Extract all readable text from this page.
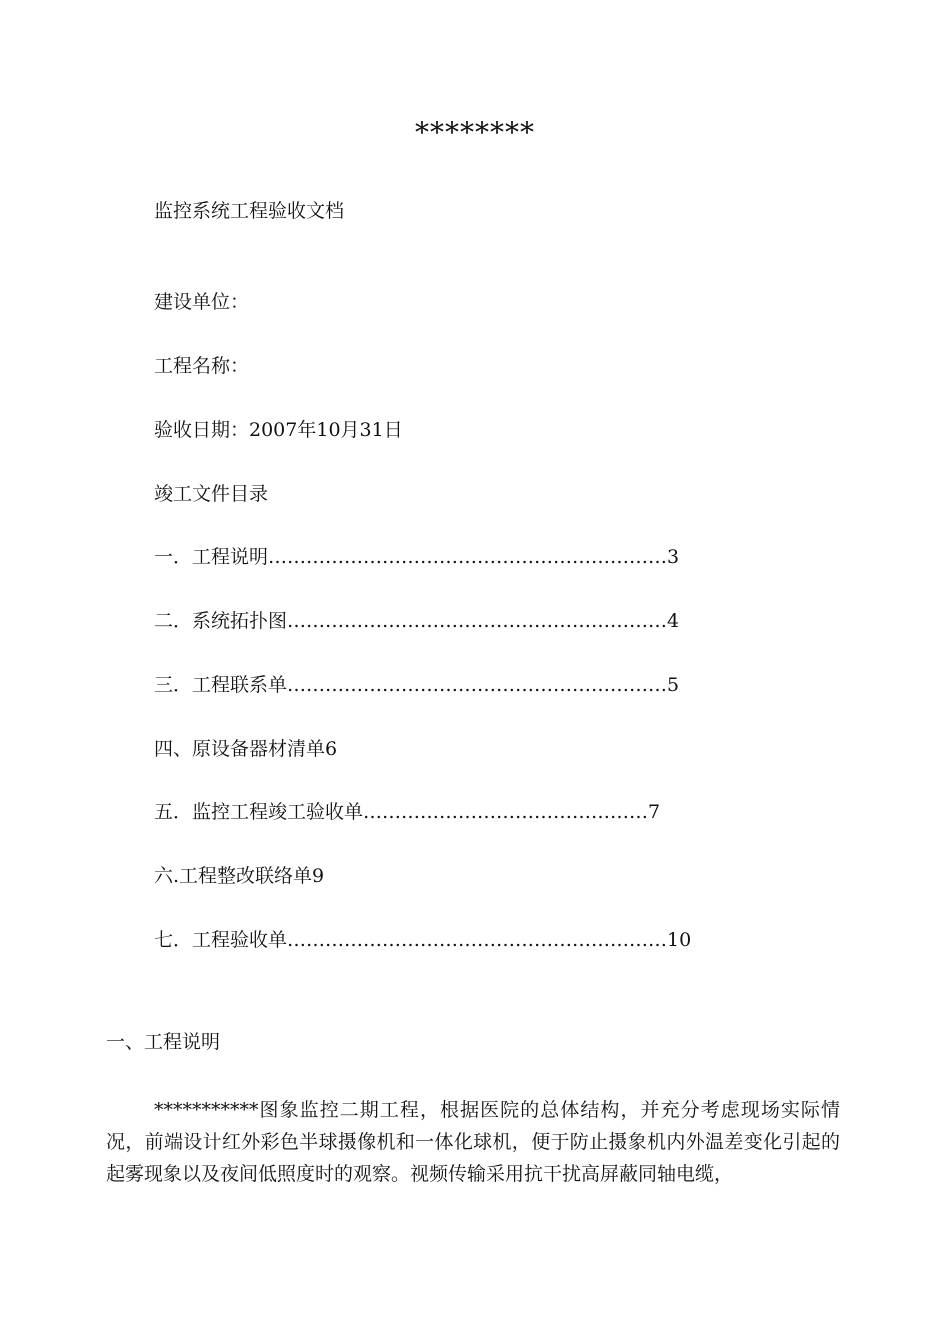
********
监控系统工程验收文档
建设单位：
工程名称：
验收日期：2007年10月31日
竣工文件目录
一．工程说明………………………………………………………3
二．系统拓扑图……………………………………………………4
三．工程联系单……………………………………………………5
四、原设备器材清单6
五．监控工程竣工验收单………………………………………7
六.工程整改联络单9
七．工程验收单……………………………………………………10
一、工程说明
***********图象监控二期工程，根据医院的总体结构，并充分考虑现场实际情况，前端设计红外彩色半球摄像机和一体化球机，便于防止摄象机内外温差变化引起的起雾现象以及夜间低照度时的观察。视频传输采用抗干扰高屏蔽同轴电缆，
